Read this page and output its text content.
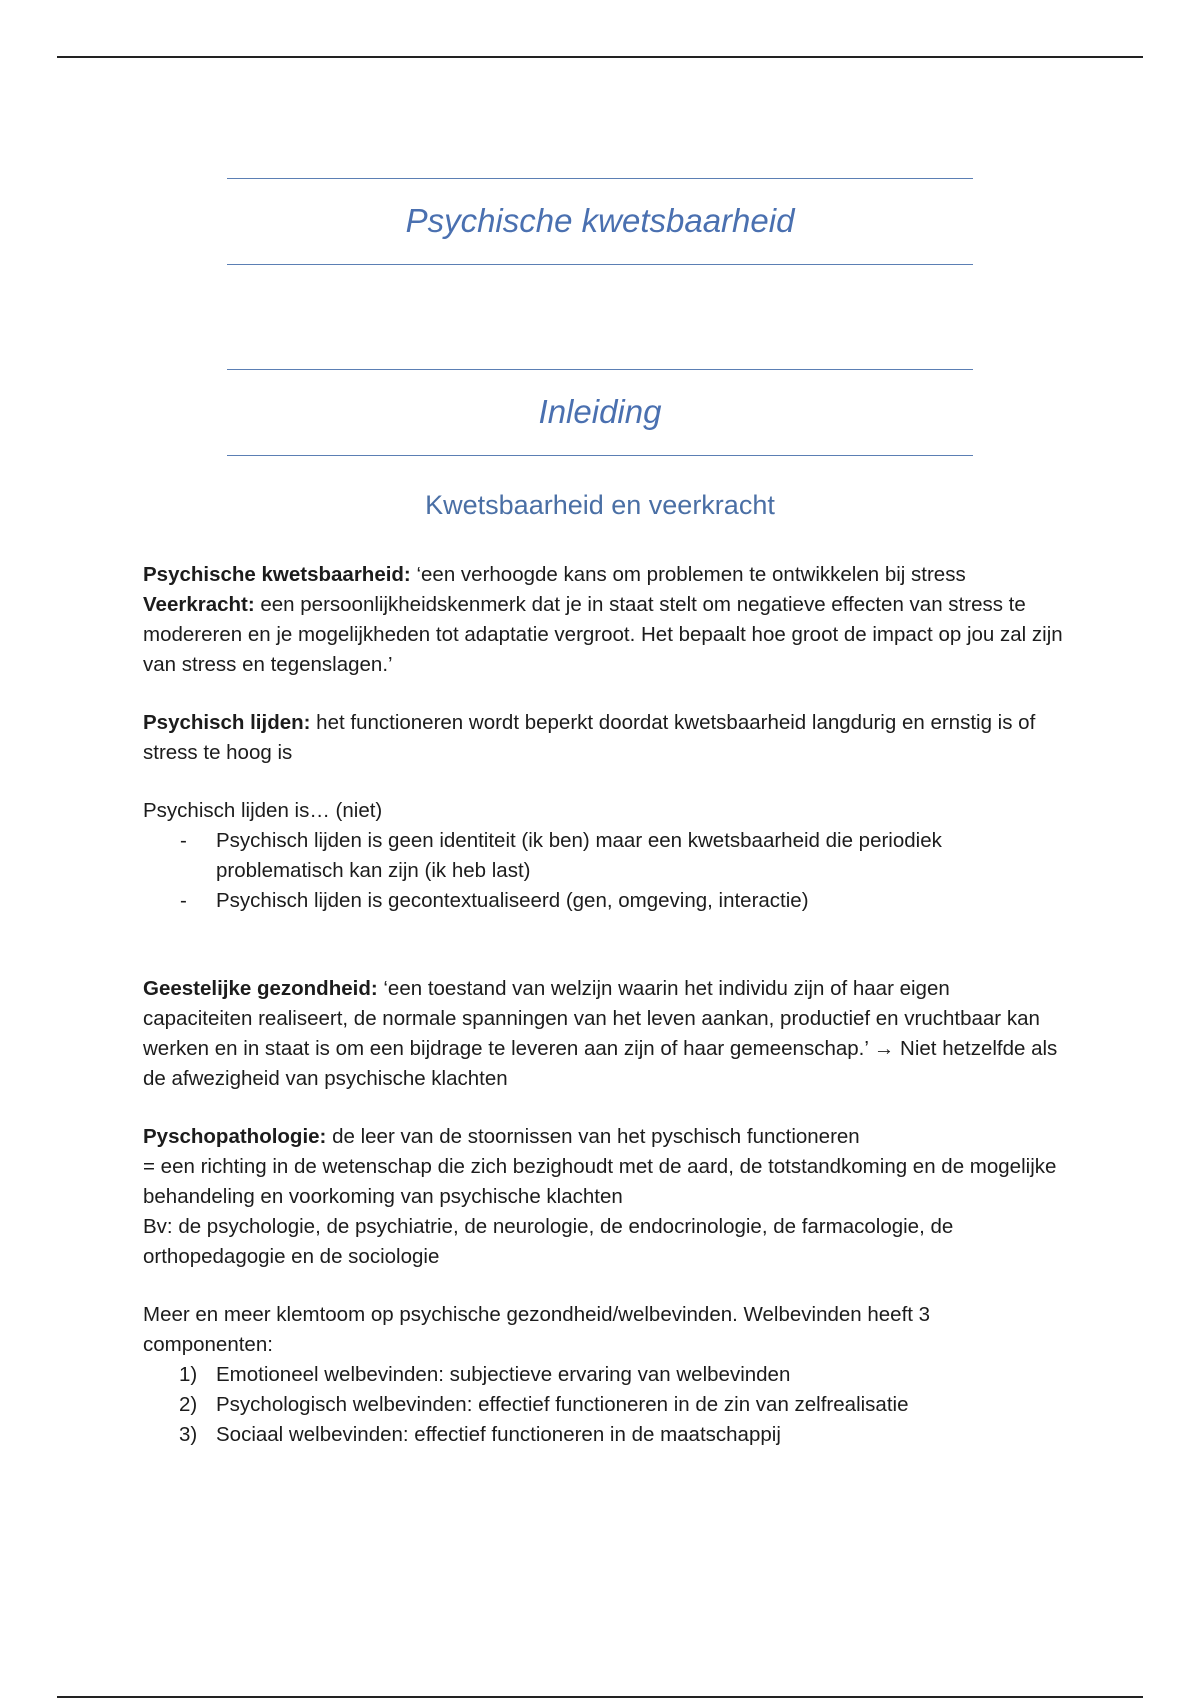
Psychische kwetsbaarheid
Inleiding
Kwetsbaarheid en veerkracht

Psychische kwetsbaarheid: ‘een verhoogde kans om problemen te ontwikkelen bij stress

Veerkracht: een persoonlijkheidskenmerk dat je in staat stelt om negatieve effecten van stress te modereren en je mogelijkheden tot adaptatie vergroot. Het bepaalt hoe groot de impact op jou zal zijn van stress en tegenslagen.’

Psychisch lijden: het functioneren wordt beperkt doordat kwetsbaarheid langdurig en ernstig is of stress te hoog is

Psychisch lijden is… (niet)

- Psychisch lijden is geen identiteit (ik ben) maar een kwetsbaarheid die periodiek problematisch kan zijn (ik heb last)
- Psychisch lijden is gecontextualiseerd (gen, omgeving, interactie)

Geestelijke gezondheid: ‘een toestand van welzijn waarin het individu zijn of haar eigen capaciteiten realiseert, de normale spanningen van het leven aankan, productief en vruchtbaar kan werken en in staat is om een bijdrage te leveren aan zijn of haar gemeenschap.’ → Niet hetzelfde als de afwezigheid van psychische klachten

Pyschopathologie: de leer van de stoornissen van het pyschisch functioneren

= een richting in de wetenschap die zich bezighoudt met de aard, de totstandkoming en de mogelijke behandeling en voorkoming van psychische klachten

Bv: de psychologie, de psychiatrie, de neurologie, de endocrinologie, de farmacologie, de orthopedagogie en de sociologie

Meer en meer klemtoom op psychische gezondheid/welbevinden. Welbevinden heeft 3 componenten:

1) Emotioneel welbevinden: subjectieve ervaring van welbevinden
2) Psychologisch welbevinden: effectief functioneren in de zin van zelfrealisatie
3) Sociaal welbevinden: effectief functioneren in de maatschappij
